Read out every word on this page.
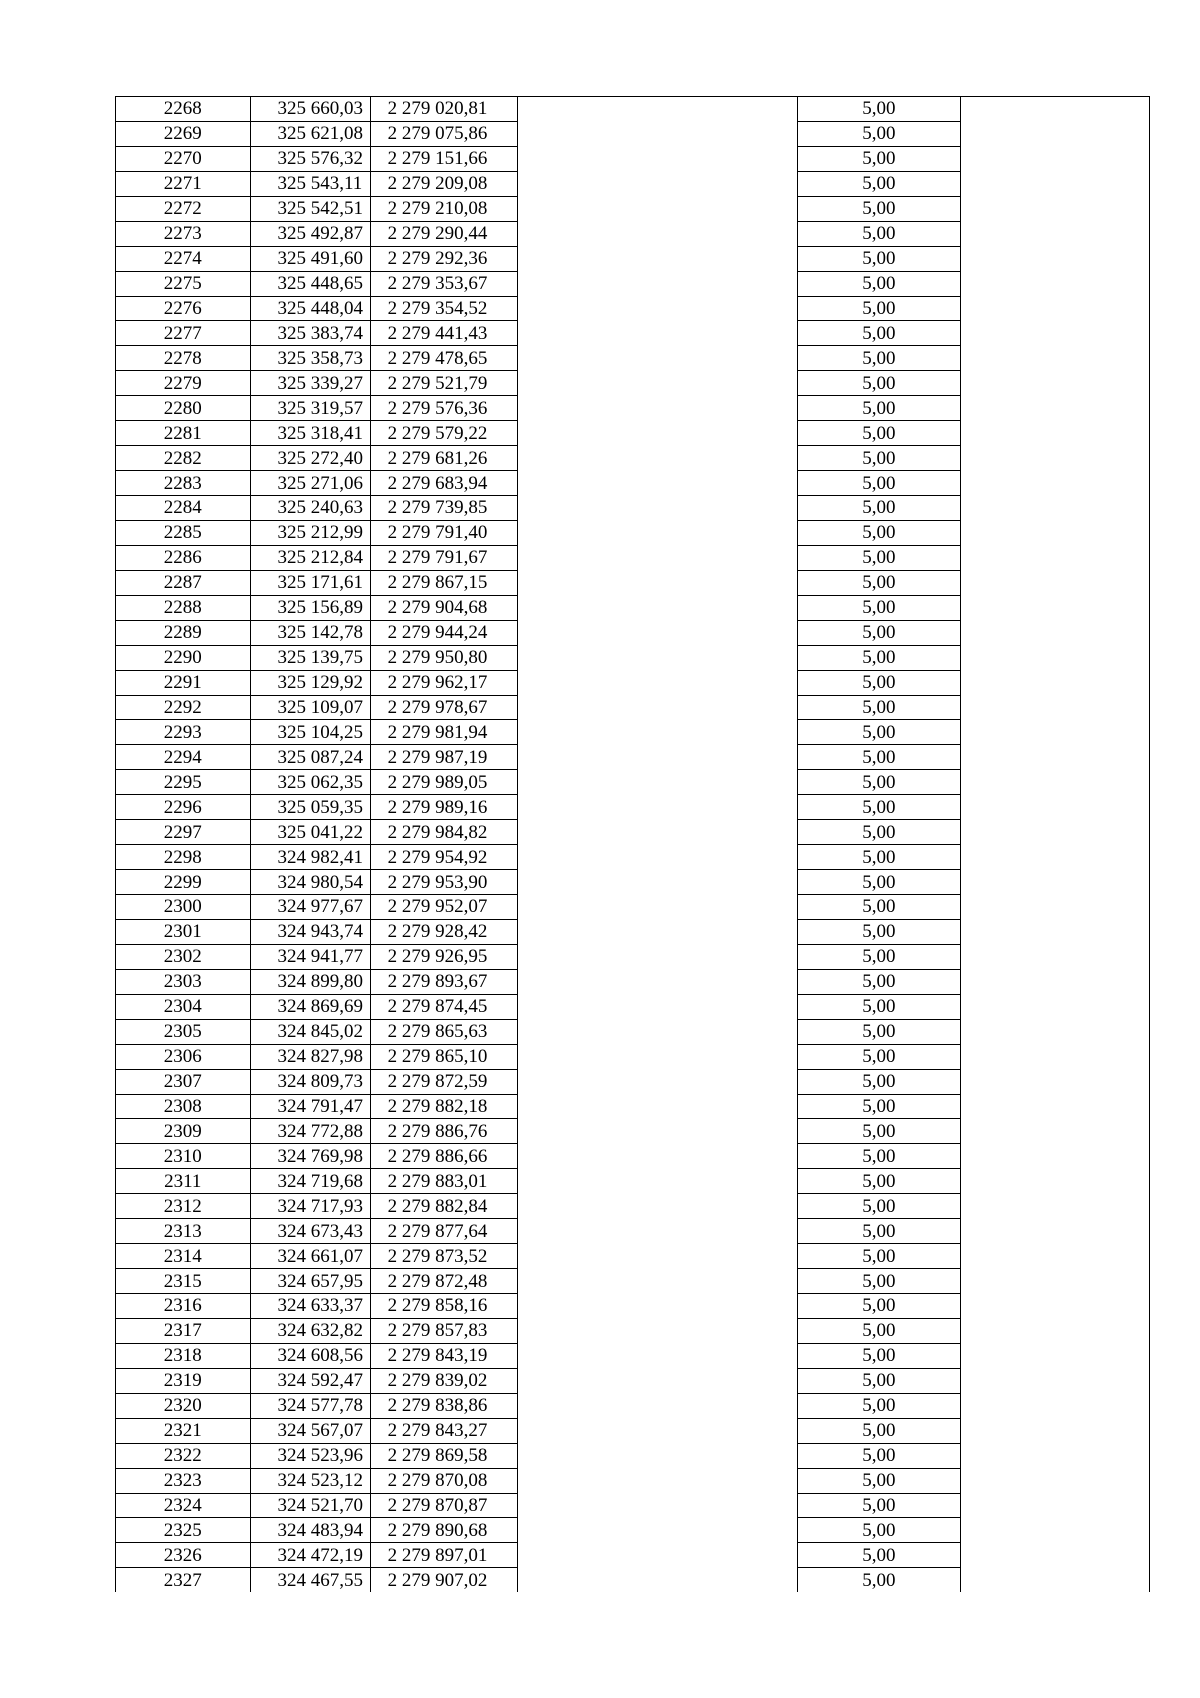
2268	325 660,03	2 279 020,81		5,00	
2269	325 621,08	2 279 075,86		5,00	
2270	325 576,32	2 279 151,66		5,00	
2271	325 543,11	2 279 209,08		5,00	
2272	325 542,51	2 279 210,08		5,00	
2273	325 492,87	2 279 290,44		5,00	
2274	325 491,60	2 279 292,36		5,00	
2275	325 448,65	2 279 353,67		5,00	
2276	325 448,04	2 279 354,52		5,00	
2277	325 383,74	2 279 441,43		5,00	
2278	325 358,73	2 279 478,65		5,00	
2279	325 339,27	2 279 521,79		5,00	
2280	325 319,57	2 279 576,36		5,00	
2281	325 318,41	2 279 579,22		5,00	
2282	325 272,40	2 279 681,26		5,00	
2283	325 271,06	2 279 683,94		5,00	
2284	325 240,63	2 279 739,85		5,00	
2285	325 212,99	2 279 791,40		5,00	
2286	325 212,84	2 279 791,67		5,00	
2287	325 171,61	2 279 867,15		5,00	
2288	325 156,89	2 279 904,68		5,00	
2289	325 142,78	2 279 944,24		5,00	
2290	325 139,75	2 279 950,80		5,00	
2291	325 129,92	2 279 962,17		5,00	
2292	325 109,07	2 279 978,67		5,00	
2293	325 104,25	2 279 981,94		5,00	
2294	325 087,24	2 279 987,19		5,00	
2295	325 062,35	2 279 989,05		5,00	
2296	325 059,35	2 279 989,16		5,00	
2297	325 041,22	2 279 984,82		5,00	
2298	324 982,41	2 279 954,92		5,00	
2299	324 980,54	2 279 953,90		5,00	
2300	324 977,67	2 279 952,07		5,00	
2301	324 943,74	2 279 928,42		5,00	
2302	324 941,77	2 279 926,95		5,00	
2303	324 899,80	2 279 893,67		5,00	
2304	324 869,69	2 279 874,45		5,00	
2305	324 845,02	2 279 865,63		5,00	
2306	324 827,98	2 279 865,10		5,00	
2307	324 809,73	2 279 872,59		5,00	
2308	324 791,47	2 279 882,18		5,00	
2309	324 772,88	2 279 886,76		5,00	
2310	324 769,98	2 279 886,66		5,00	
2311	324 719,68	2 279 883,01		5,00	
2312	324 717,93	2 279 882,84		5,00	
2313	324 673,43	2 279 877,64		5,00	
2314	324 661,07	2 279 873,52		5,00	
2315	324 657,95	2 279 872,48		5,00	
2316	324 633,37	2 279 858,16		5,00	
2317	324 632,82	2 279 857,83		5,00	
2318	324 608,56	2 279 843,19		5,00	
2319	324 592,47	2 279 839,02		5,00	
2320	324 577,78	2 279 838,86		5,00	
2321	324 567,07	2 279 843,27		5,00	
2322	324 523,96	2 279 869,58		5,00	
2323	324 523,12	2 279 870,08		5,00	
2324	324 521,70	2 279 870,87		5,00	
2325	324 483,94	2 279 890,68		5,00	
2326	324 472,19	2 279 897,01		5,00	
2327	324 467,55	2 279 907,02		5,00	
